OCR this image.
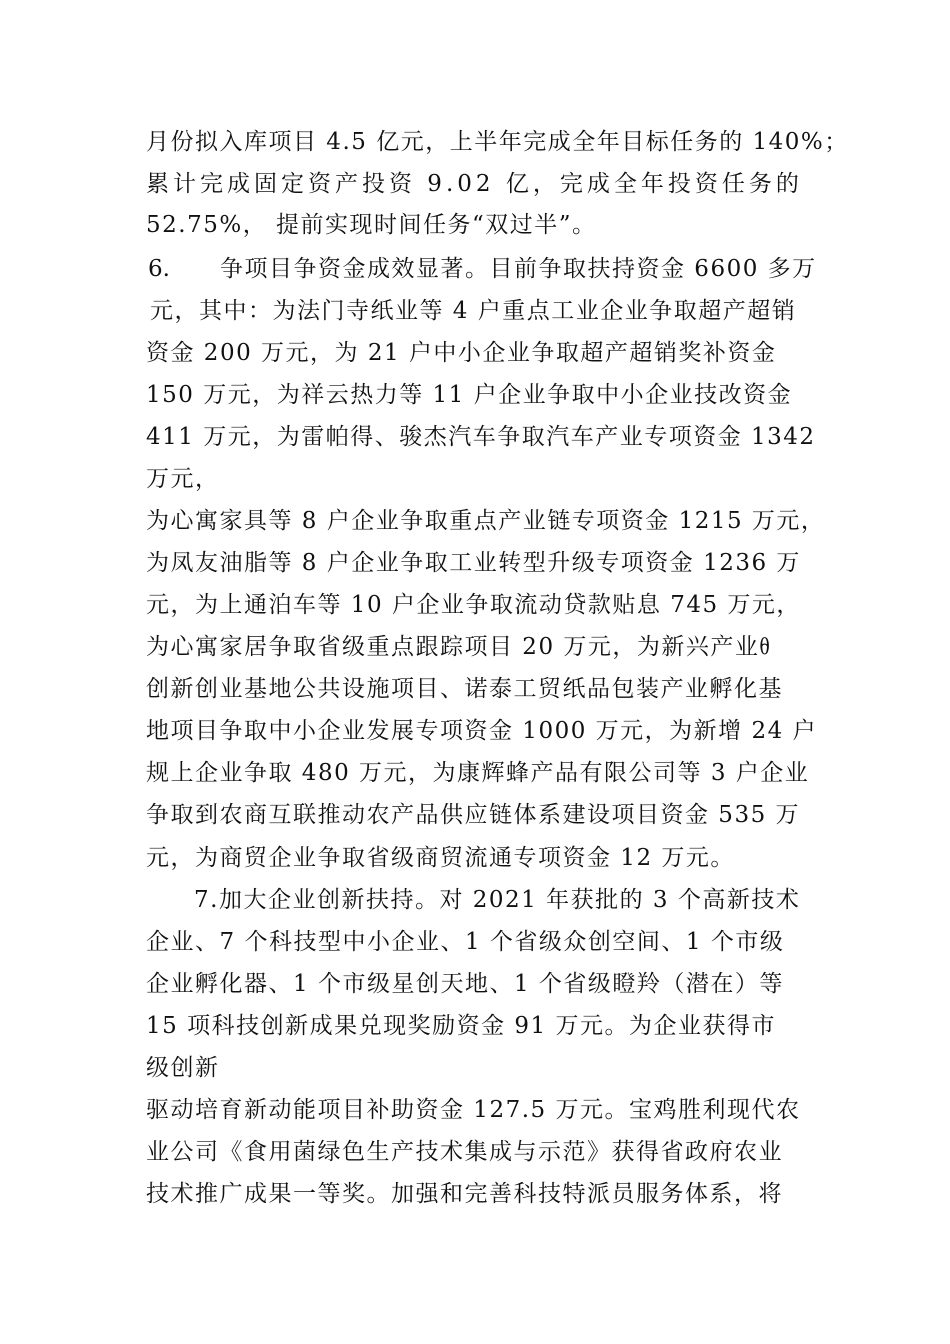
月份拟入库项目 4.5 亿元，上半年完成全年目标任务的 140%；
累计完成固定资产投资 9.02 亿，完成全年投资任务的
52.75%， 提前实现时间任务“双过半”。
6. 争项目争资金成效显著。目前争取扶持资金 6600 多万
元，其中：为法门寺纸业等 4 户重点工业企业争取超产超销
资金 200 万元，为 21 户中小企业争取超产超销奖补资金
150 万元，为祥云热力等 11 户企业争取中小企业技改资金
411 万元，为雷帕得、骏杰汽车争取汽车产业专项资金 1342
万元，
为心寓家具等 8 户企业争取重点产业链专项资金 1215 万元，
为凤友油脂等 8 户企业争取工业转型升级专项资金 1236 万
元，为上通泊车等 10 户企业争取流动贷款贴息 745 万元，
为心寓家居争取省级重点跟踪项目 20 万元，为新兴产业ᦲ
创新创业基地公共设施项目、诺泰工贸纸品包装产业孵化基
地项目争取中小企业发展专项资金 1000 万元，为新增 24 户
规上企业争取 480 万元，为康辉蜂产品有限公司等 3 户企业
争取到农商互联推动农产品供应链体系建设项目资金 535 万
元，为商贸企业争取省级商贸流通专项资金 12 万元。
7.加大企业创新扶持。对 2021 年获批的 3 个高新技术
企业、7 个科技型中小企业、1 个省级众创空间、1 个市级
企业孵化器、1 个市级星创天地、1 个省级瞪羚（潜在）等
15 项科技创新成果兑现奖励资金 91 万元。为企业获得市
级创新
驱动培育新动能项目补助资金 127.5 万元。宝鸡胜利现代农
业公司《食用菌绿色生产技术集成与示范》获得省政府农业
技术推广成果一等奖。加强和完善科技特派员服务体系，将
